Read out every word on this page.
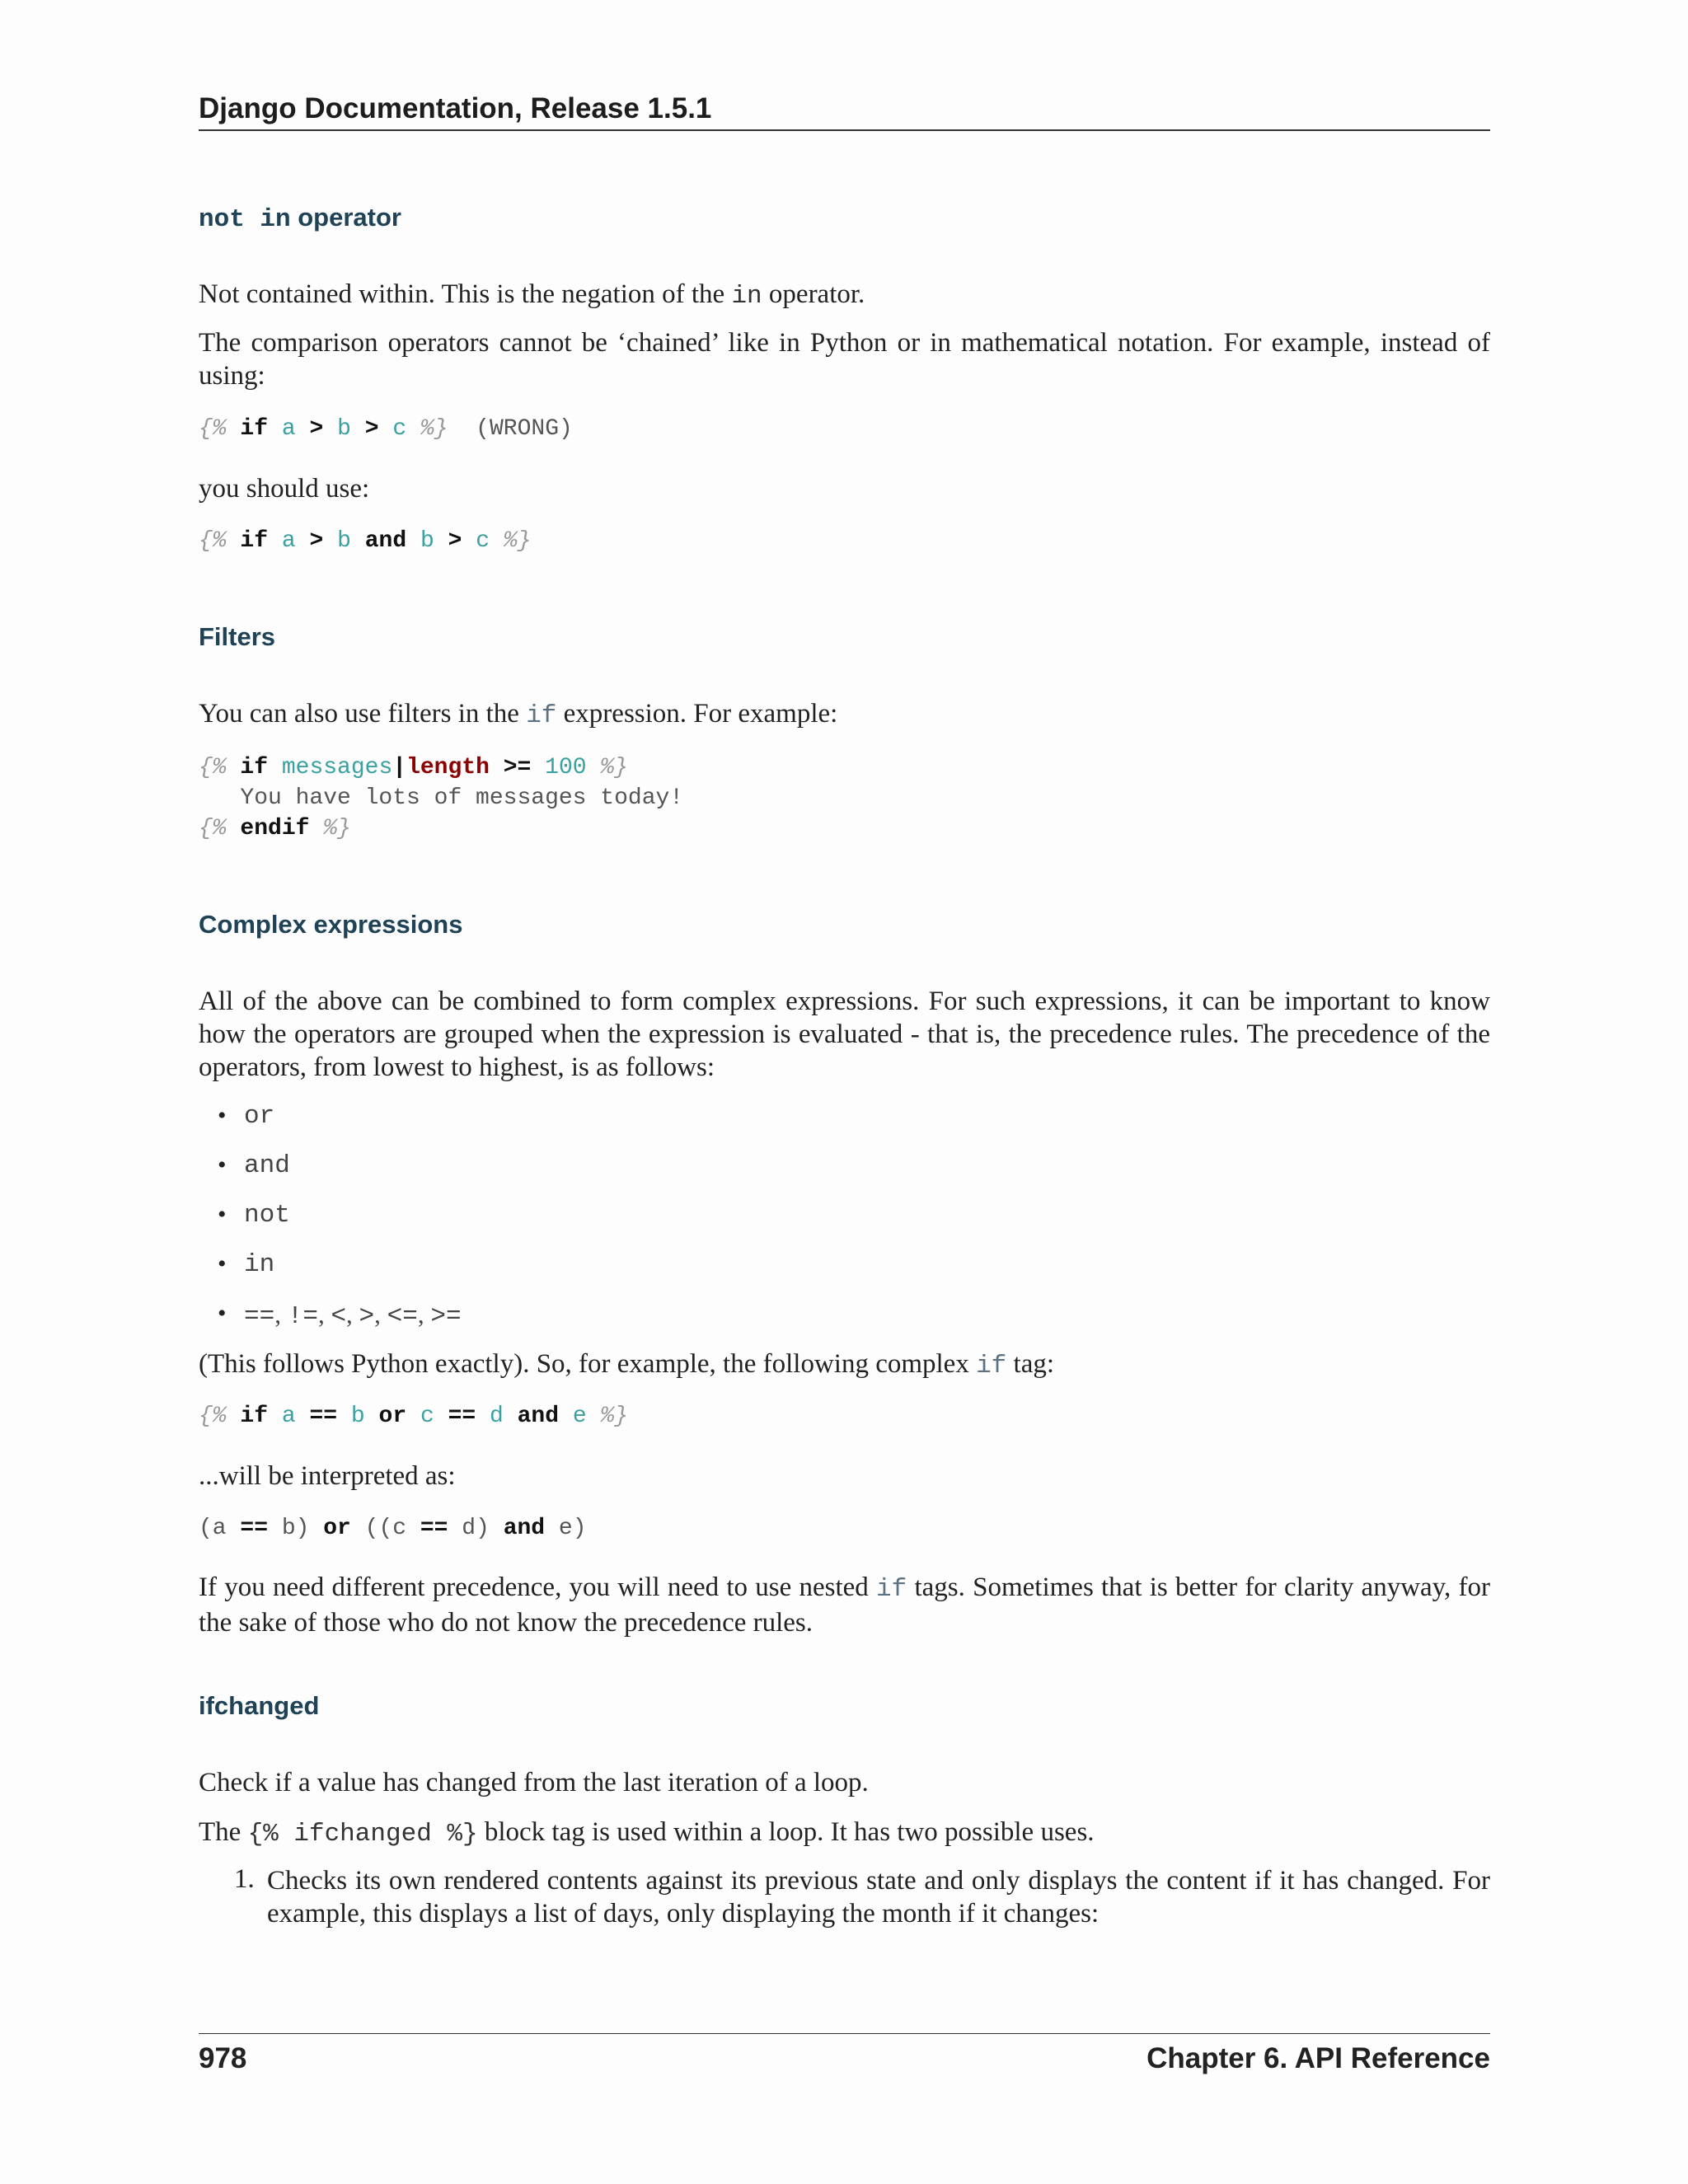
Django Documentation, Release 1.5.1
not in operator

Not contained within. This is the negation of the in operator.

The comparison operators cannot be ‘chained’ like in Python or in mathematical notation. For example, instead of using:

{% if a > b > c %}  (WRONG)

you should use:

{% if a > b and b > c %}
Filters

You can also use filters in the if expression. For example:

{% if messages|length >= 100 %}
You have lots of messages today!
{% endif %}
Complex expressions

All of the above can be combined to form complex expressions. For such expressions, it can be important to know how the operators are grouped when the expression is evaluated - that is, the precedence rules. The precedence of the operators, from lowest to highest, is as follows:

• or
• and
• not
• in
• ==, !=, <, >, <=, >=

(This follows Python exactly). So, for example, the following complex if tag:

{% if a == b or c == d and e %}

...will be interpreted as:

(a == b) or ((c == d) and e)

If you need different precedence, you will need to use nested if tags. Sometimes that is better for clarity anyway, for the sake of those who do not know the precedence rules.

ifchanged

Check if a value has changed from the last iteration of a loop.

The {% ifchanged %} block tag is used within a loop. It has two possible uses.

1. Checks its own rendered contents against its previous state and only displays the content if it has changed. For example, this displays a list of days, only displaying the month if it changes:

978	Chapter 6. API Reference
